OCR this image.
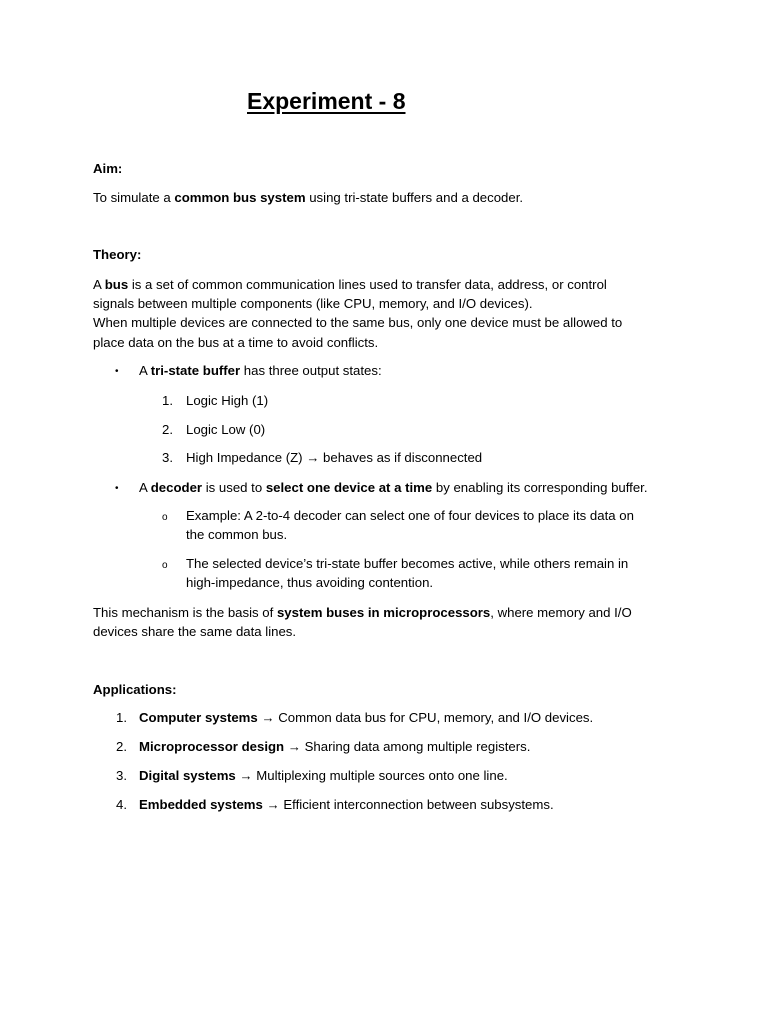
Experiment - 8
Aim:
To simulate a common bus system using tri-state buffers and a decoder.
Theory:
A bus is a set of common communication lines used to transfer data, address, or control
signals between multiple components (like CPU, memory, and I/O devices).
When multiple devices are connected to the same bus, only one device must be allowed to
place data on the bus at a time to avoid conflicts.
• A tri-state buffer has three output states:
1. Logic High (1)
2. Logic Low (0)
3. High Impedance (Z) → behaves as if disconnected
• A decoder is used to select one device at a time by enabling its corresponding buffer.
o Example: A 2-to-4 decoder can select one of four devices to place its data on
the common bus.
o The selected device’s tri-state buffer becomes active, while others remain in
high-impedance, thus avoiding contention.
This mechanism is the basis of system buses in microprocessors, where memory and I/O
devices share the same data lines.
Applications:
1. Computer systems → Common data bus for CPU, memory, and I/O devices.
2. Microprocessor design → Sharing data among multiple registers.
3. Digital systems → Multiplexing multiple sources onto one line.
4. Embedded systems → Efficient interconnection between subsystems.
